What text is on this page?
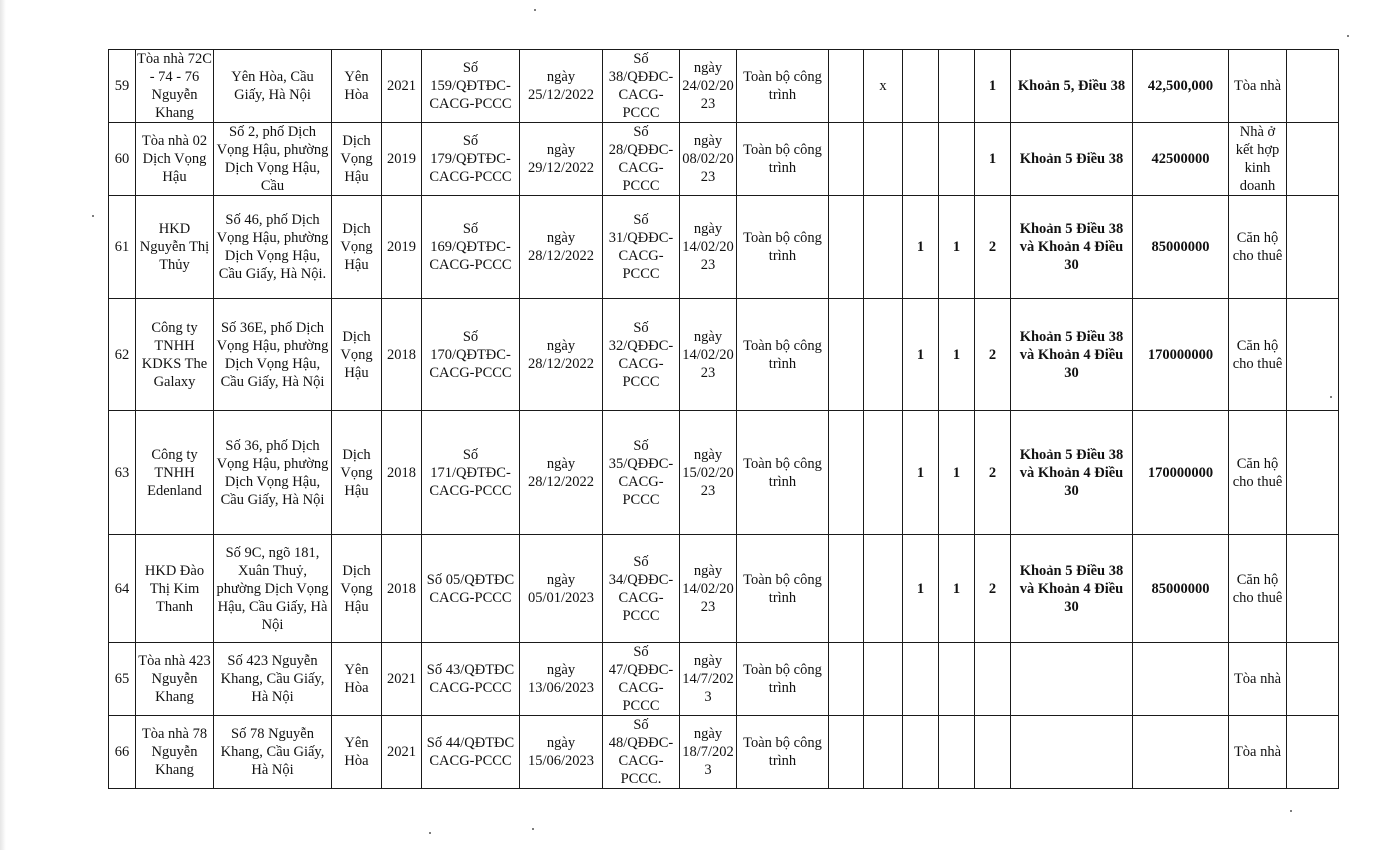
59	Tòa nhà 72C - 74 - 76 Nguyễn Khang	Yên Hòa, Cầu Giấy, Hà Nội	Yên Hòa	2021	Số 159/QĐTĐC-CACG-PCCC	ngày 25/12/2022	Số 38/QĐĐC-CACG-PCCC	ngày 24/02/2023	Toàn bộ công trình		x			1	Khoản 5, Điều 38	42,500,000	Tòa nhà	

60	Tòa nhà 02 Dịch Vọng Hậu	Số 2, phố Dịch Vọng Hậu, phường Dịch Vọng Hậu, Cầu	Dịch Vọng Hậu	2019	Số 179/QĐTĐC-CACG-PCCC	ngày 29/12/2022	Số 28/QĐĐC-CACG-PCCC	ngày 08/02/2023	Toàn bộ công trình					1	Khoản 5 Điều 38	42500000	Nhà ở kết hợp kinh doanh	

61	HKD Nguyễn Thị Thủy	Số 46, phố Dịch Vọng Hậu, phường Dịch Vọng Hậu, Cầu Giấy, Hà Nội.	Dịch Vọng Hậu	2019	Số 169/QĐTĐC-CACG-PCCC	ngày 28/12/2022	Số 31/QĐĐC-CACG-PCCC	ngày 14/02/2023	Toàn bộ công trình			1	1	2	Khoản 5 Điều 38 và Khoản 4 Điều 30	85000000	Căn hộ cho thuê	

62	Công ty TNHH KDKS The Galaxy	Số 36E, phố Dịch Vọng Hậu, phường Dịch Vọng Hậu, Cầu Giấy, Hà Nội	Dịch Vọng Hậu	2018	Số 170/QĐTĐC-CACG-PCCC	ngày 28/12/2022	Số 32/QĐĐC-CACG-PCCC	ngày 14/02/2023	Toàn bộ công trình			1	1	2	Khoản 5 Điều 38 và Khoản 4 Điều 30	170000000	Căn hộ cho thuê	

63	Công ty TNHH Edenland	Số 36, phố Dịch Vọng Hậu, phường Dịch Vọng Hậu, Cầu Giấy, Hà Nội	Dịch Vọng Hậu	2018	Số 171/QĐTĐC-CACG-PCCC	ngày 28/12/2022	Số 35/QĐĐC-CACG-PCCC	ngày 15/02/2023	Toàn bộ công trình			1	1	2	Khoản 5 Điều 38 và Khoản 4 Điều 30	170000000	Căn hộ cho thuê	

64	HKD Đào Thị Kim Thanh	Số 9C, ngõ 181, Xuân Thuỷ, phường Dịch Vọng Hậu, Cầu Giấy, Hà Nội	Dịch Vọng Hậu	2018	Số 05/QĐTĐC CACG-PCCC	ngày 05/01/2023	Số 34/QĐĐC-CACG-PCCC	ngày 14/02/2023	Toàn bộ công trình			1	1	2	Khoản 5 Điều 38 và Khoản 4 Điều 30	85000000	Căn hộ cho thuê	

65	Tòa nhà 423 Nguyễn Khang	Số 423 Nguyễn Khang, Cầu Giấy, Hà Nội	Yên Hòa	2021	Số 43/QĐTĐC CACG-PCCC	ngày 13/06/2023	Số 47/QĐĐC-CACG-PCCC	ngày 14/7/2023	Toàn bộ công trình								Tòa nhà	

66	Tòa nhà 78 Nguyễn Khang	Số 78 Nguyễn Khang, Cầu Giấy, Hà Nội	Yên Hòa	2021	Số 44/QĐTĐC CACG-PCCC	ngày 15/06/2023	Số 48/QĐĐC-CACG-PCCC.	ngày 18/7/2023	Toàn bộ công trình								Tòa nhà	
